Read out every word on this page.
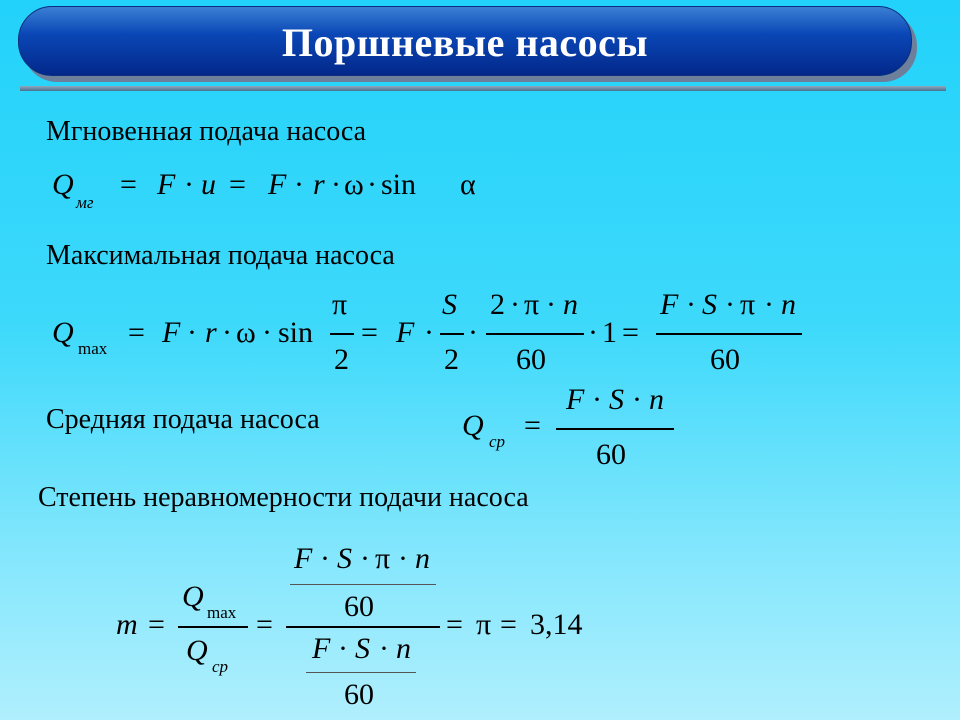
Поршневые насосы
Мгновенная подача насоса
Q
мг
= F · u = F · r · ω · sin α
Максимальная подача насоса
Q max = F · r · ω · sin
π
2
= F ·
S
2
·
2 · π · n
60
· 1 =
F · S · π · n
60
Средняя подача насоса	Q ср =
F · S · n
60
Степень неравномерности подачи насоса
m =
Q max
Q ср
=
F · S · π · n
60
F · S · n
60
= π = 3,14
